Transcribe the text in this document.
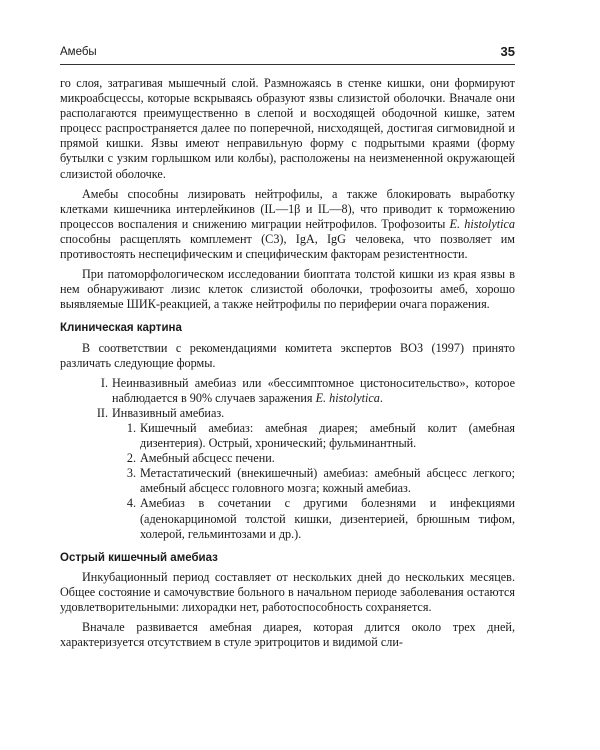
Амебы	35

го слоя, затрагивая мышечный слой. Размножаясь в стенке кишки, они формируют микроабсцессы, которые вскрываясь образуют язвы слизистой оболочки. Вначале они располагаются преимущественно в слепой и восходящей ободочной кишке, затем процесс распространяется далее по поперечной, нисходящей, достигая сигмовидной и прямой кишки. Язвы имеют неправильную форму с подрытыми краями (форму бутылки с узким горлышком или колбы), расположены на неизмененной окружающей слизистой оболочке.

Амебы способны лизировать нейтрофилы, а также блокировать выработку клетками кишечника интерлейкинов (IL—1β и IL—8), что приводит к торможению процессов воспаления и снижению миграции нейтрофилов. Трофозоиты E. histolytica способны расщеплять комплемент (С3), IgA, IgG человека, что позволяет им противостоять неспецифическим и специфическим факторам резистентности.

При патоморфологическом исследовании биоптата толстой кишки из края язвы в нем обнаруживают лизис клеток слизистой оболочки, трофозоиты амеб, хорошо выявляемые ШИК-реакцией, а также нейтрофилы по периферии очага поражения.

Клиническая картина

В соответствии с рекомендациями комитета экспертов ВОЗ (1997) принято различать следующие формы.

I. Неинвазивный амебиаз или «бессимптомное цистоносительство», которое наблюдается в 90% случаев заражения E. histolytica.
II. Инвазивный амебиаз.
1. Кишечный амебиаз: амебная диарея; амебный колит (амебная дизентерия). Острый, хронический; фульминантный.
2. Амебный абсцесс печени.
3. Метастатический (внекишечный) амебиаз: амебный абсцесс легкого; амебный абсцесс головного мозга; кожный амебиаз.
4. Амебиаз в сочетании с другими болезнями и инфекциями (аденокарциномой толстой кишки, дизентерией, брюшным тифом, холерой, гельминтозами и др.).
Острый кишечный амебиаз

Инкубационный период составляет от нескольких дней до нескольких месяцев. Общее состояние и самочувствие больного в начальном периоде заболевания остаются удовлетворительными: лихорадки нет, работоспособность сохраняется.

Вначале развивается амебная диарея, которая длится около трех дней, характеризуется отсутствием в стуле эритроцитов и видимой сли-
